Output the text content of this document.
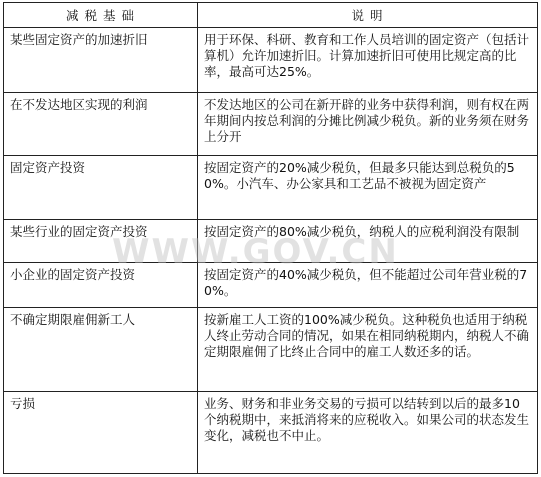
减 税 基 础	说 明
某些固定资产的加速折旧	用于环保、科研、教育和工作人员培训的固定资产（包括计算机）允许加速折旧。计算加速折旧可使用比规定高的比率，最高可达25%。
在不发达地区实现的利润	不发达地区的公司在新开辟的业务中获得利润，则有权在两年期间内按总利润的分摊比例减少税负。新的业务须在财务上分开
固定资产投资	按固定资产的20%减少税负，但最多只能达到总税负的50%。小汽车、办公家具和工艺品不被视为固定资产
某些行业的固定资产投资	按固定资产的80%减少税负，纳税人的应税利润没有限制
小企业的固定资产投资	按固定资产的40%减少税负，但不能超过公司年营业税的70%。
不确定期限雇佣新工人	按新雇工人工资的100%减少税负。这种税负也适用于纳税人终止劳动合同的情况，如果在相同纳税期内，纳税人不确定期限雇佣了比终止合同中的雇工人数还多的话。
亏损	业务、财务和非业务交易的亏损可以结转到以后的最多10个纳税期中，来抵消将来的应税收入。如果公司的状态发生变化，减税也不中止。
WWW.GOV.CN
